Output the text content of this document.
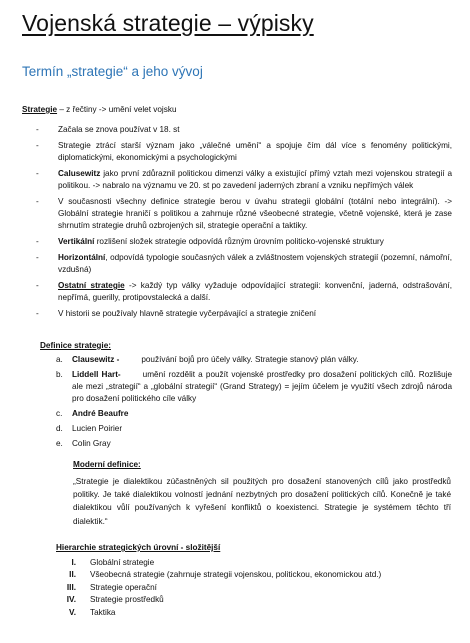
Vojenská strategie – výpisky
Termín „strategie“ a jeho vývoj
Strategie – z řečtiny -> umění velet vojsku
- Začala se znova používat v 18. st
- Strategie ztrácí starší význam jako „válečné umění“ a spojuje čím dál více s fenomény politickými, diplomatickými, ekonomickými a psychologickými
- Calusewitz jako první zdůraznil politickou dimenzi války a existující přímý vztah mezi vojenskou strategií a politikou. -> nabralo na významu ve 20. st po zavedení jaderných zbraní a vzniku nepřímých válek
- V současnosti všechny definice strategie berou v úvahu strategii globální (totální nebo integrální). -> Globální strategie hraničí s politikou a zahrnuje různé všeobecné strategie, včetně vojenské, která je zase shrnutím strategie druhů ozbrojených sil, strategie operační a taktiky.
- Vertikální rozlišení složek strategie odpovídá různým úrovním politicko-vojenské struktury
- Horizontální, odpovídá typologie současných válek a zvláštnostem vojenských strategií (pozemní, námořní, vzdušná)
- Ostatní strategie -> každý typ války vyžaduje odpovídající strategii: konvenční, jaderná, odstrašování, nepřímá, guerilly, protipovstalecká a další.
- V historii se používaly hlavně strategie vyčerpávající a strategie zničení
Definice strategie:
a. Clausewitz -	používání bojů pro účely války. Strategie stanový plán války.
b. Liddell Hart-	umění rozdělit a použít vojenské prostředky pro dosažení politických cílů. Rozlišuje ale mezi „strategií“ a „globální strategií“ (Grand Strategy) = jejím účelem je využití všech zdrojů národa pro dosažení politického cíle války
c. André Beaufre
d. Lucien Poirier
e. Colin Gray
Moderní definice:
„Strategie je dialektikou zúčastněných sil použitých pro dosažení stanovených cílů jako prostředků politiky. Je také dialektikou volností jednání nezbytných pro dosažení politických cílů. Konečně je také dialektikou vůlí používaných k vyřešení konfliktů o koexistenci. Strategie je systémem těchto tří dialektik.“
Hierarchie strategických úrovní - složitější
I. Globální strategie
II. Všeobecná strategie (zahrnuje strategii vojenskou, politickou, ekonomickou atd.)
III. Strategie operační
IV. Strategie prostředků
V. Taktika
